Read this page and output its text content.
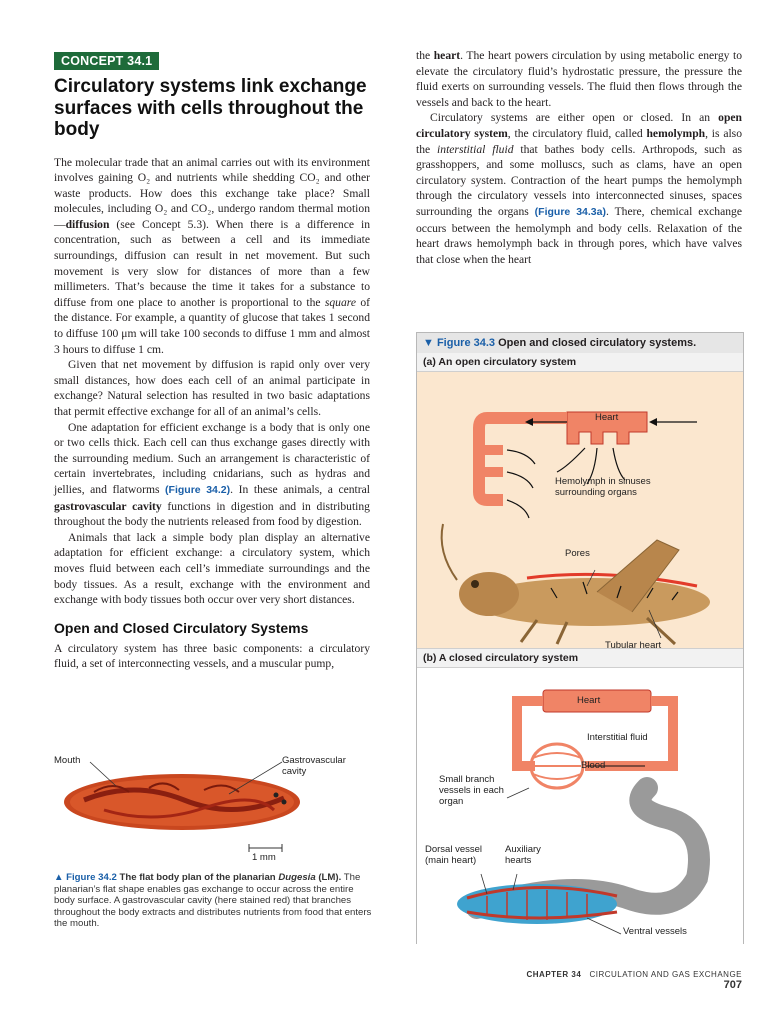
CONCEPT 34.1
Circulatory systems link exchange surfaces with cells throughout the body

The molecular trade that an animal carries out with its environment involves gaining O₂ and nutrients while shedding CO₂ and other waste products. How does this exchange take place? Small molecules, including O₂ and CO₂, undergo random thermal motion—diffusion (see Concept 5.3). When there is a difference in concentration, such as between a cell and its immediate surroundings, diffusion can result in net movement. But such movement is very slow for distances of more than a few millimeters. That’s because the time it takes for a substance to diffuse from one place to another is proportional to the square of the distance. For example, a quantity of glucose that takes 1 second to diffuse 100 μm will take 100 seconds to diffuse 1 mm and almost 3 hours to diffuse 1 cm.

Given that net movement by diffusion is rapid only over very small distances, how does each cell of an animal participate in exchange? Natural selection has resulted in two basic adaptations that permit effective exchange for all of an animal’s cells.

One adaptation for efficient exchange is a body that is only one or two cells thick. Each cell can thus exchange gases directly with the surrounding medium. Such an arrangement is characteristic of certain invertebrates, including cnidarians, such as hydras and jellies, and flatworms (Figure 34.2). In these animals, a central gastrovascular cavity functions in digestion and in distributing throughout the body the nutrients released from food by digestion.

Animals that lack a simple body plan display an alternative adaptation for efficient exchange: a circulatory system, which moves fluid between each cell’s immediate surroundings and the body tissues. As a result, exchange with the environment and exchange with body tissues both occur over very short distances.

Open and Closed Circulatory Systems

A circulatory system has three basic components: a circulatory fluid, a set of interconnecting vessels, and a muscular pump,

Mouth	Gastrovascular cavity
1 mm
▲ Figure 34.2 The flat body plan of the planarian Dugesia (LM). The planarian’s flat shape enables gas exchange to occur across the entire body surface. A gastrovascular cavity (here stained red) that branches throughout the body extracts and distributes nutrients from food that enters the mouth.

the heart. The heart powers circulation by using metabolic energy to elevate the circulatory fluid’s hydrostatic pressure, the pressure the fluid exerts on surrounding vessels. The fluid then flows through the vessels and back to the heart.

Circulatory systems are either open or closed. In an open circulatory system, the circulatory fluid, called hemolymph, is also the interstitial fluid that bathes body cells. Arthropods, such as grasshoppers, and some molluscs, such as clams, have an open circulatory system. Contraction of the heart pumps the hemolymph through the circulatory vessels into interconnected sinuses, spaces surrounding the organs (Figure 34.3a). There, chemical exchange occurs between the hemolymph and body cells. Relaxation of the heart draws hemolymph back in through pores, which have valves that close when the heart

▼ Figure 34.3 Open and closed circulatory systems.
(a) An open circulatory system
Heart
Hemolymph in sinuses surrounding organs
Pores
Tubular heart
(b) A closed circulatory system
Heart
Interstitial fluid
Blood
Small branch vessels in each organ
Dorsal vessel (main heart)
Auxiliary hearts
Ventral vessels
CHAPTER 34 CIRCULATION AND GAS EXCHANGE 707
